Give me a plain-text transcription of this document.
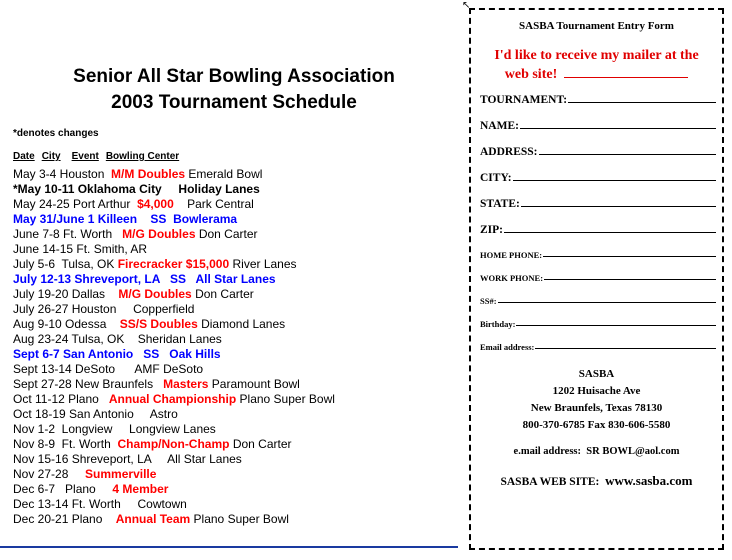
Senior All Star Bowling Association
2003 Tournament Schedule
*denotes changes
Date City Event Bowling Center
May 3-4 Houston  M/M Doubles Emerald Bowl
*May 10-11 Oklahoma City     Holiday Lanes
May 24-25 Port Arthur  $4,000    Park Central
May 31/June 1 Killeen    SS  Bowlerama
June 7-8 Ft. Worth   M/G Doubles Don Carter
June 14-15 Ft. Smith, AR
July 5-6  Tulsa, OK Firecracker $15,000 River Lanes
July 12-13 Shreveport, LA   SS   All Star Lanes
July 19-20 Dallas    M/G Doubles Don Carter
July 26-27 Houston     Copperfield
Aug 9-10 Odessa    SS/S Doubles Diamond Lanes
Aug 23-24 Tulsa, OK    Sheridan Lanes
Sept 6-7 San Antonio   SS   Oak Hills
Sept 13-14 DeSoto      AMF DeSoto
Sept 27-28 New Braunfels   Masters Paramount Bowl
Oct 11-12 Plano   Annual Championship Plano Super Bowl
Oct 18-19 San Antonio     Astro
Nov 1-2  Longview     Longview Lanes
Nov 8-9  Ft. Worth  Champ/Non-Champ Don Carter
Nov 15-16 Shreveport, LA     All Star Lanes
Nov 27-28     Summerville
Dec 6-7   Plano     4 Member
Dec 13-14 Ft. Worth     Cowtown
Dec 20-21 Plano    Annual Team Plano Super Bowl
↖
SASBA Tournament Entry Form
I'd like to receive my mailer at the
web site!
TOURNAMENT:
NAME:
ADDRESS:
CITY:
STATE:
ZIP:
HOME PHONE:
WORK PHONE:
SS#:
Birthday:
Email address:
SASBA
1202 Huisache Ave
New Braunfels, Texas 78130
800-370-6785 Fax 830-606-5580
e.mail address: SR BOWL@aol.com
SASBA WEB SITE: www.sasba.com
